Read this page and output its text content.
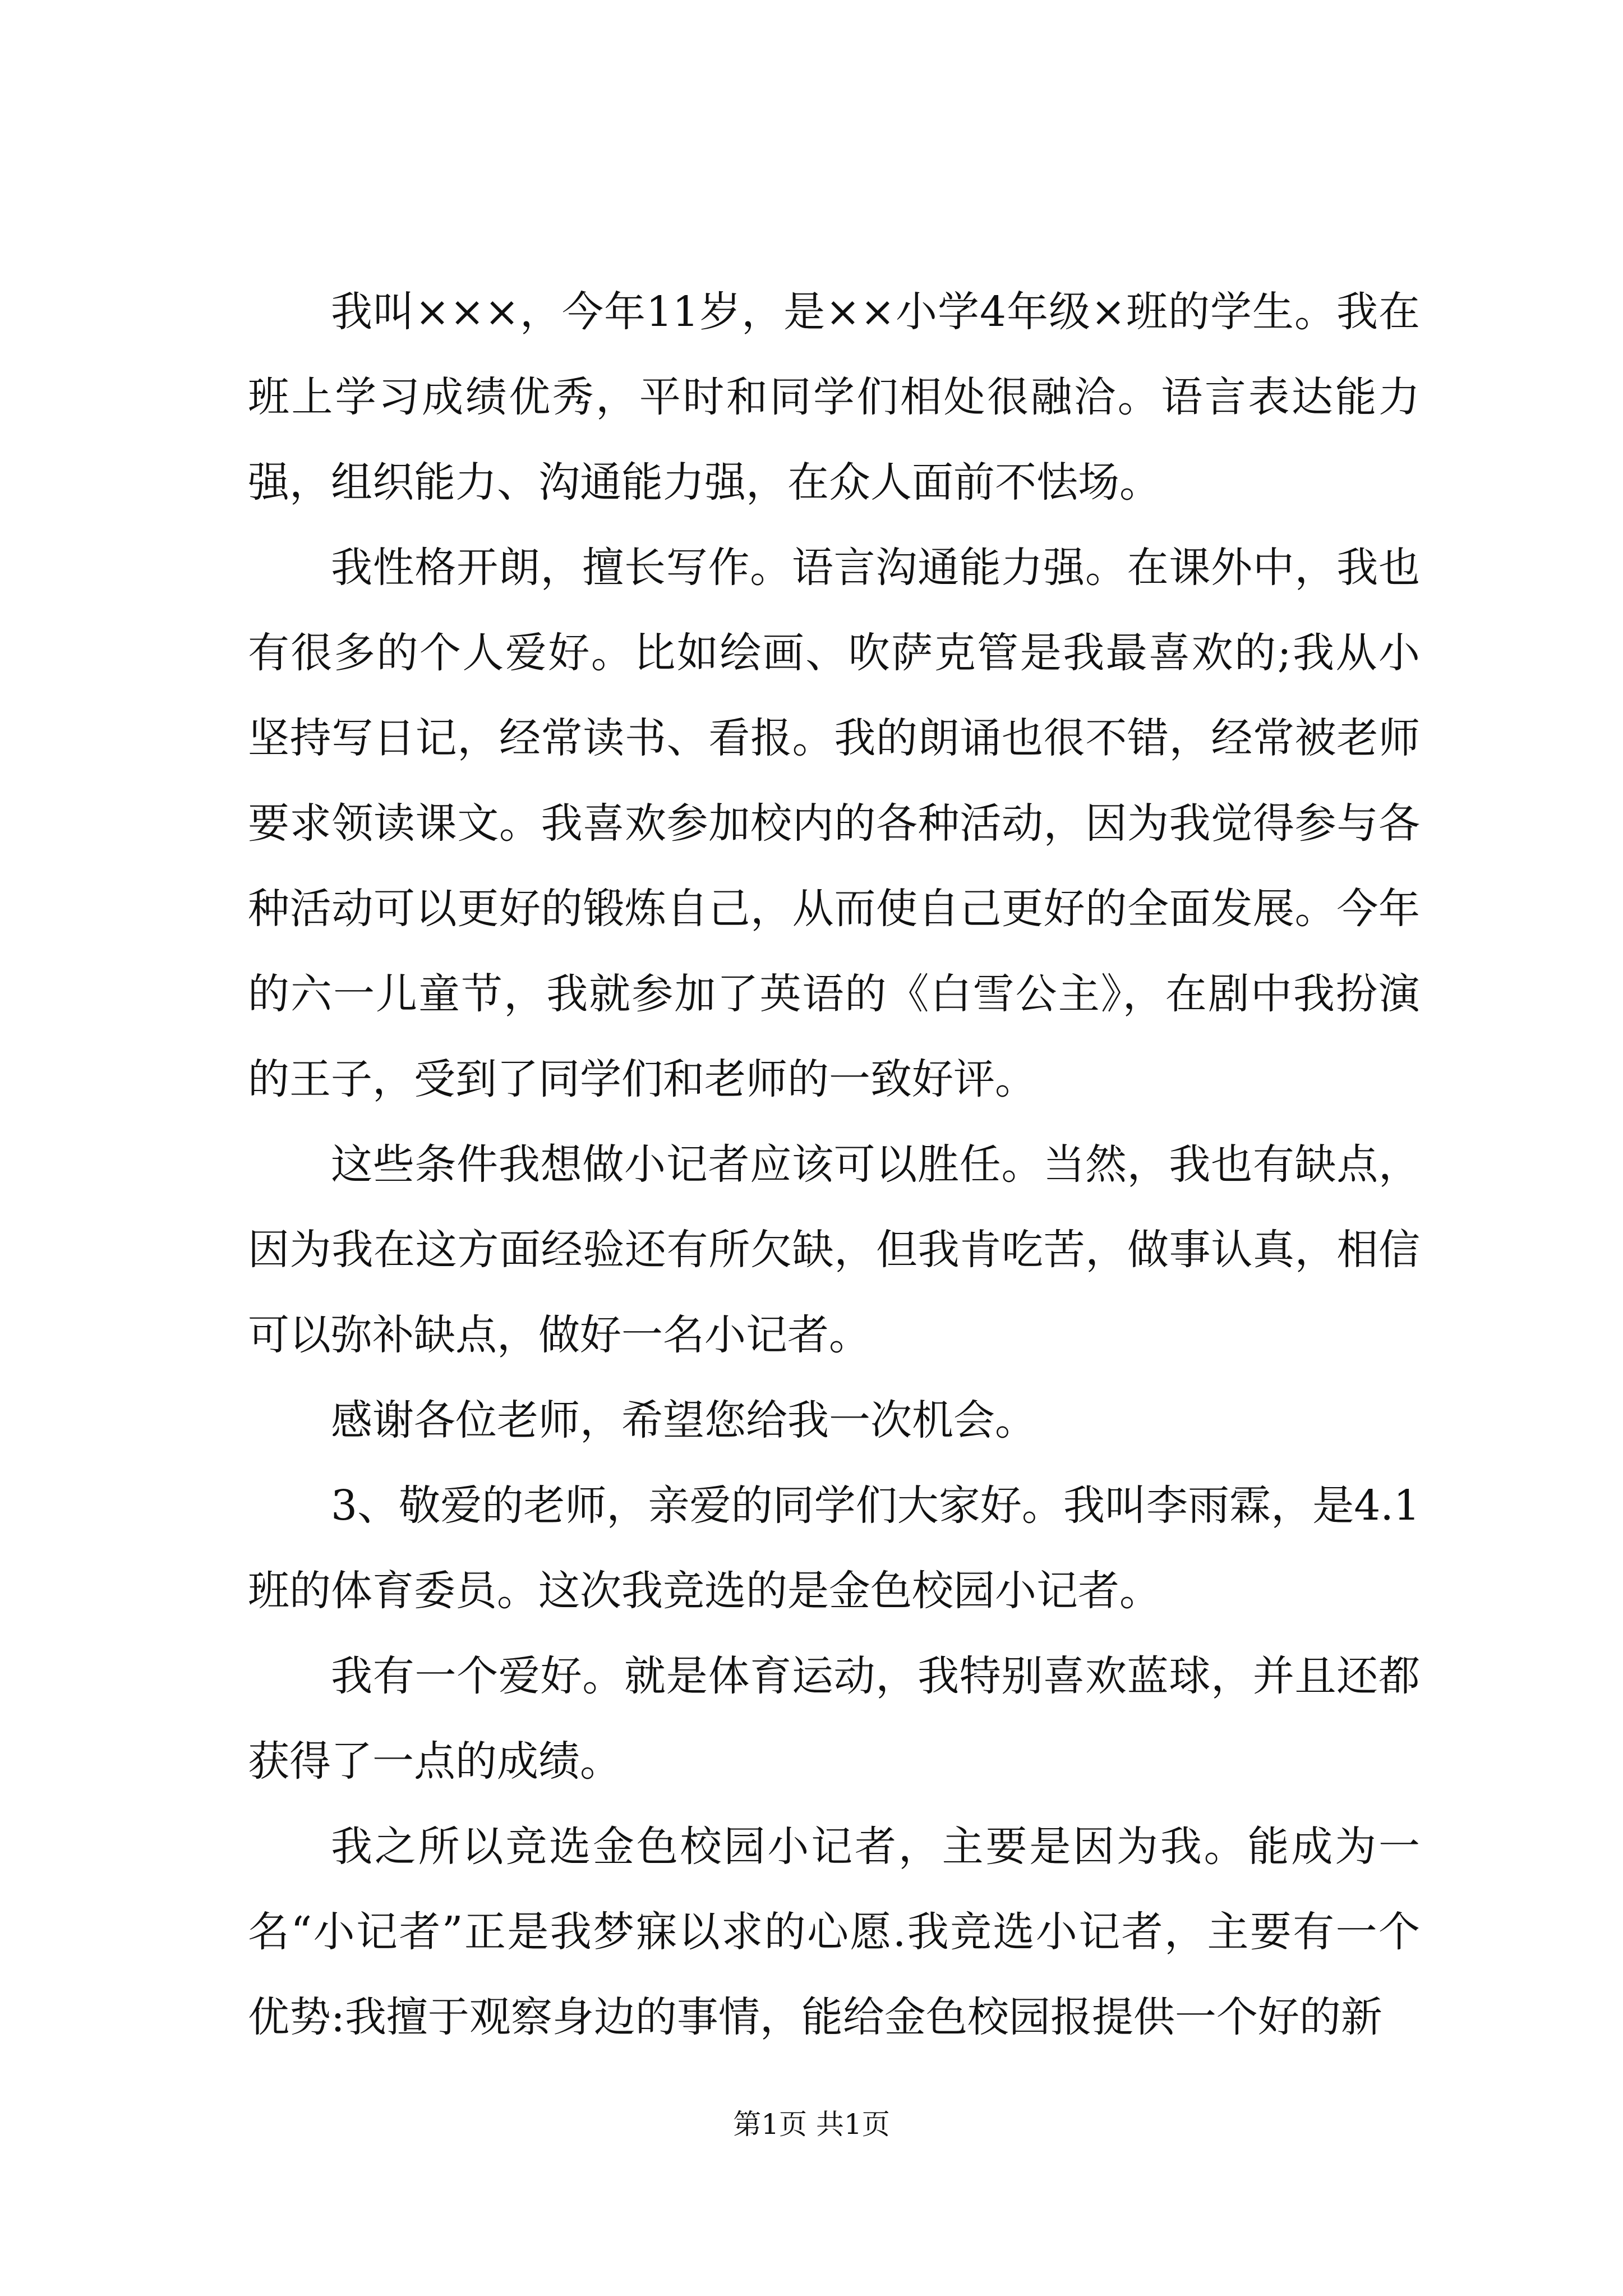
我叫×××，今年11岁，是××小学4年级×班的学生。我在班上学习成绩优秀，平时和同学们相处很融洽。语言表达能力强，组织能力、沟通能力强，在众人面前不怯场。

我性格开朗，擅长写作。语言沟通能力强。在课外中，我也有很多的个人爱好。比如绘画、吹萨克管是我最喜欢的;我从小坚持写日记，经常读书、看报。我的朗诵也很不错，经常被老师要求领读课文。我喜欢参加校内的各种活动，因为我觉得参与各种活动可以更好的锻炼自己，从而使自己更好的全面发展。今年的六一儿童节，我就参加了英语的《白雪公主》，在剧中我扮演的王子，受到了同学们和老师的一致好评。

这些条件我想做小记者应该可以胜任。当然，我也有缺点，因为我在这方面经验还有所欠缺，但我肯吃苦，做事认真，相信可以弥补缺点，做好一名小记者。

感谢各位老师，希望您给我一次机会。

3、敬爱的老师，亲爱的同学们大家好。我叫李雨霖，是4.1班的体育委员。这次我竞选的是金色校园小记者。

我有一个爱好。就是体育运动，我特别喜欢蓝球，并且还都获得了一点的成绩。

我之所以竞选金色校园小记者，主要是因为我。能成为一名“小记者”正是我梦寐以求的心愿.我竞选小记者，主要有一个优势:我擅于观察身边的事情，能给金色校园报提供一个好的新

第1页 共1页
